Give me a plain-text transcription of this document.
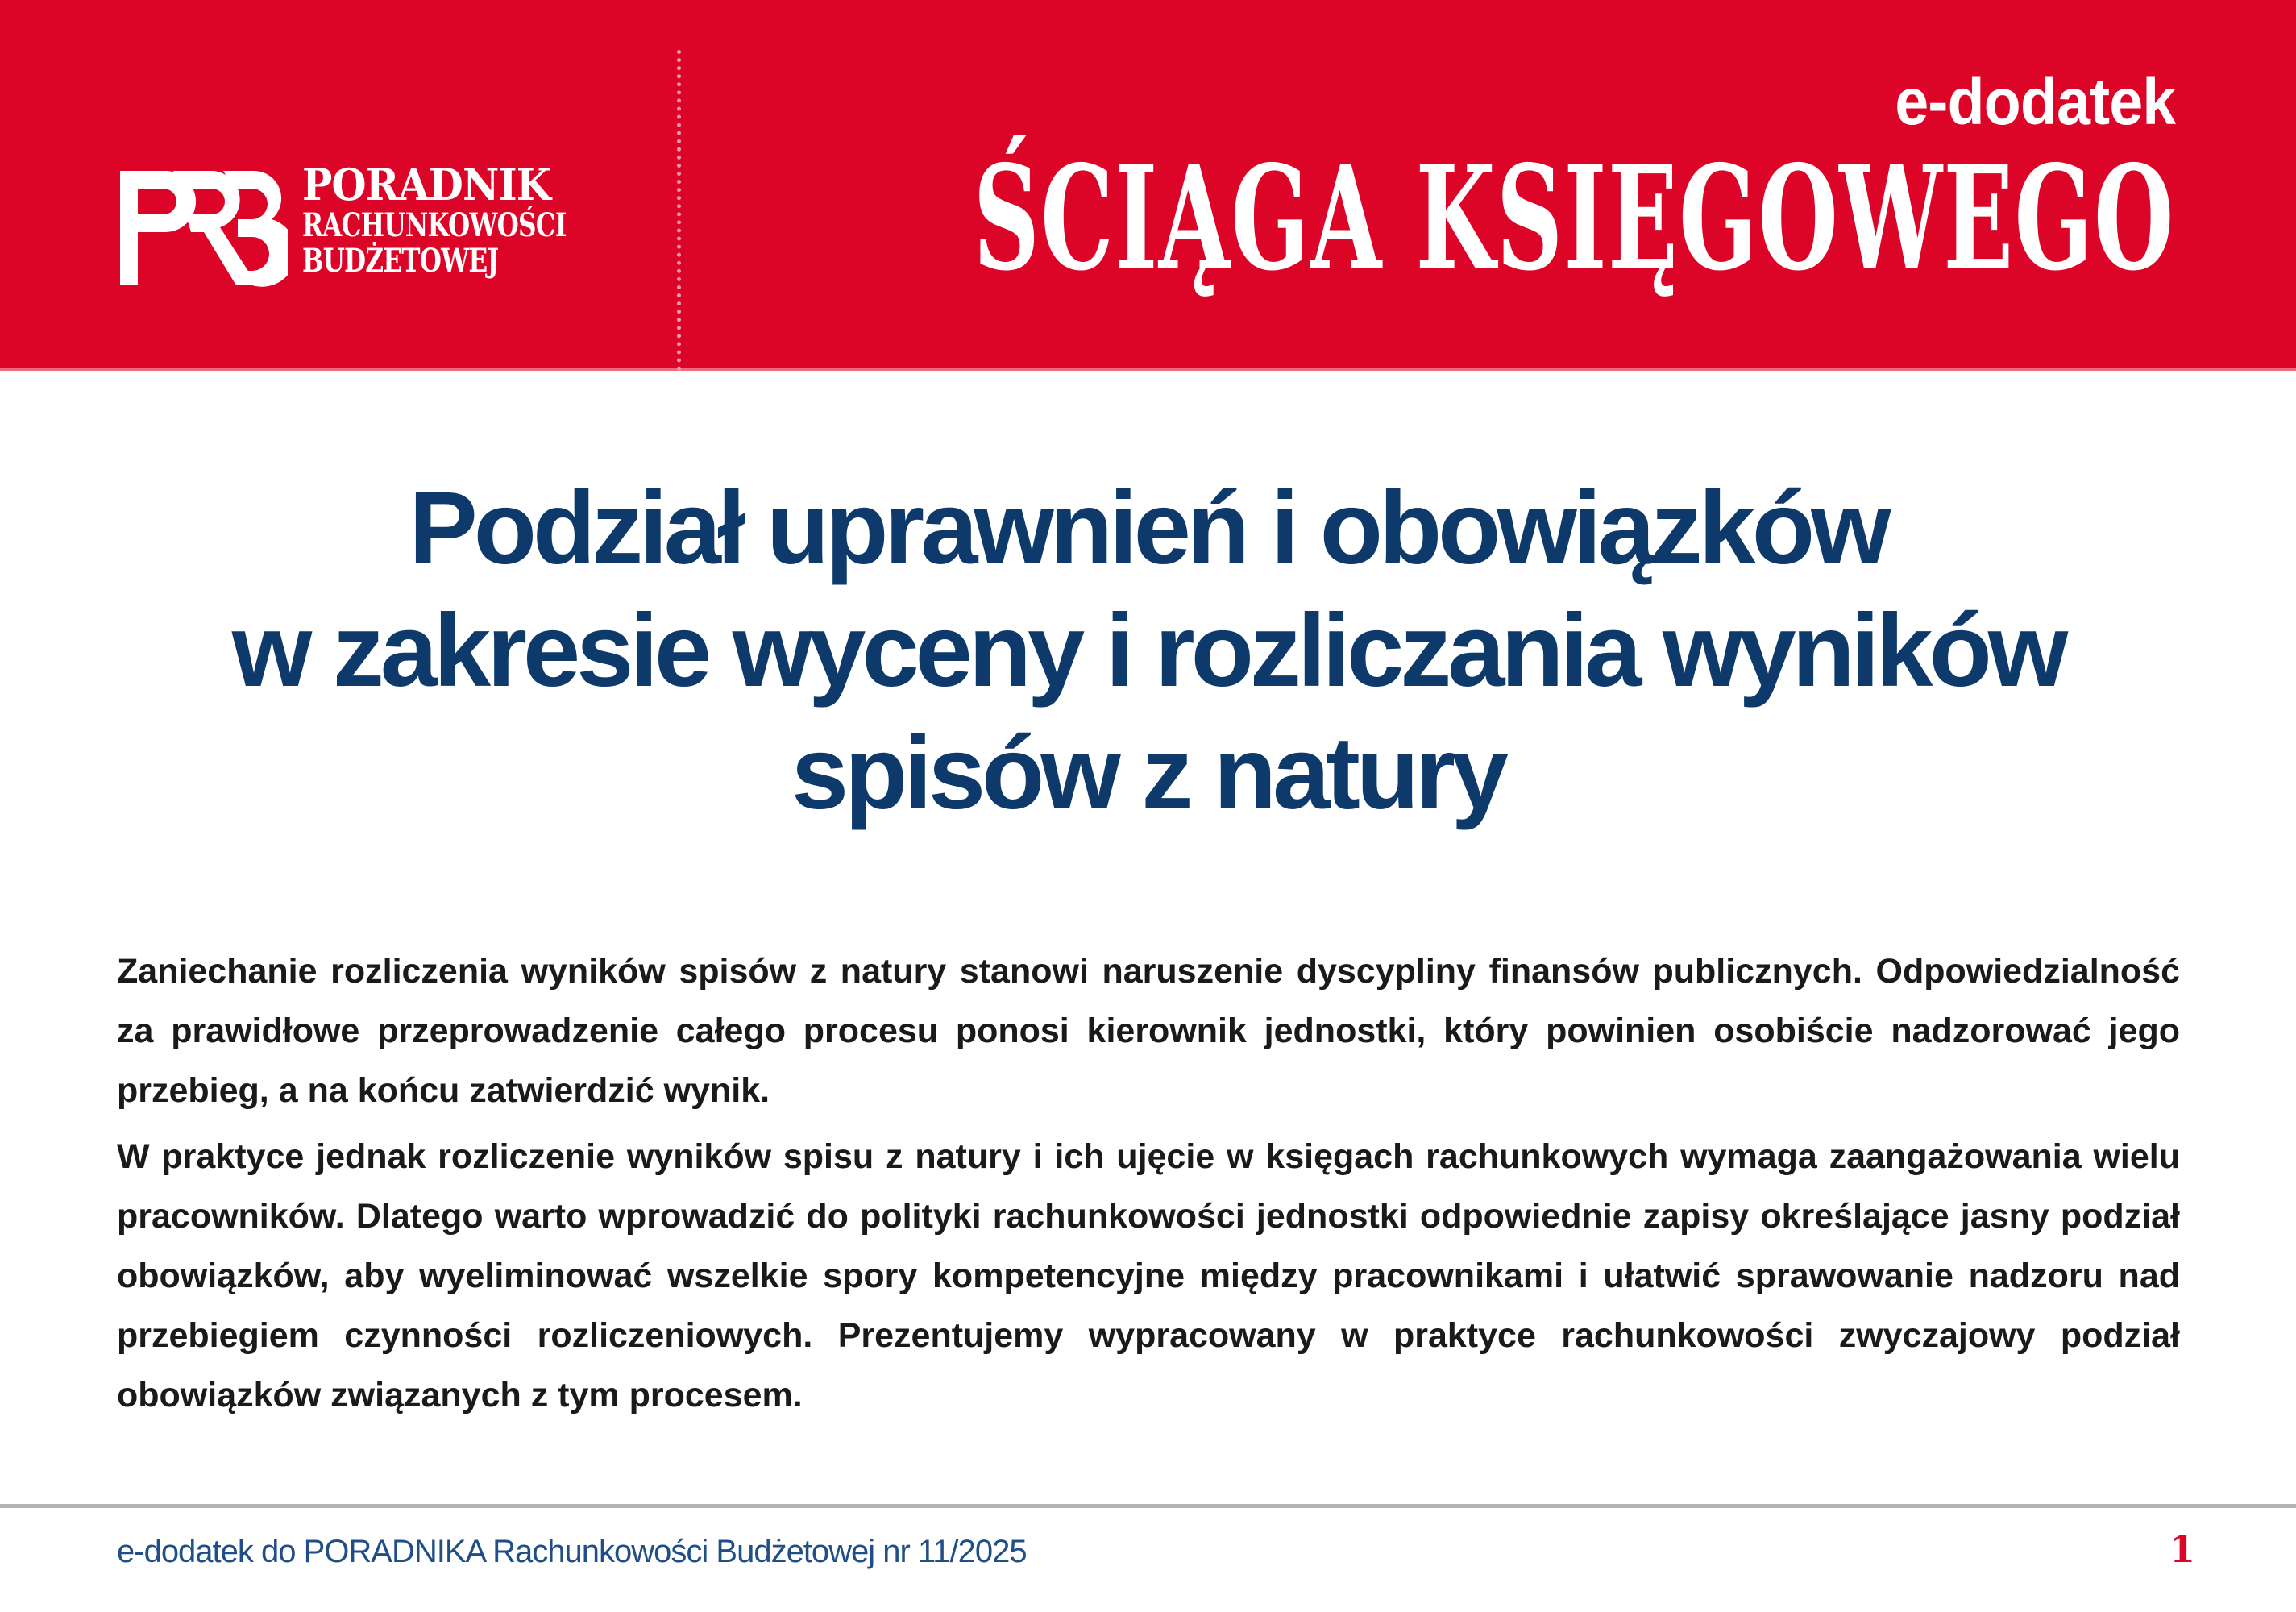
PORADNIK
RACHUNKOWOŚCI
BUDŻETOWEJ
e-dodatek
ŚCIĄGA KSIĘGOWEGO
Podział uprawnień i obowiązków
w zakresie wyceny i rozliczania wyników
spisów z natury

Zaniechanie rozliczenia wyników spisów z natury stanowi naruszenie dyscypliny finansów publicznych. Odpowiedzialność za prawidłowe przeprowadzenie całego procesu ponosi kierownik jednostki, który powinien osobiście nadzorować jego przebieg, a na końcu zatwierdzić wynik.

W praktyce jednak rozliczenie wyników spisu z natury i ich ujęcie w księgach rachunkowych wymaga zaangażowania wielu pracowników. Dlatego warto wprowadzić do polityki rachunkowości jednostki odpowiednie zapisy określające jasny podział obowiązków, aby wyeliminować wszelkie spory kompetencyjne między pracownikami i ułatwić sprawowanie nadzoru nad przebiegiem czynności rozliczeniowych. Prezentujemy wypracowany w praktyce rachunkowości zwyczajowy podział obowiązków związanych z tym procesem.

e-dodatek do PORADNIKA Rachunkowości Budżetowej nr 11/2025	1
